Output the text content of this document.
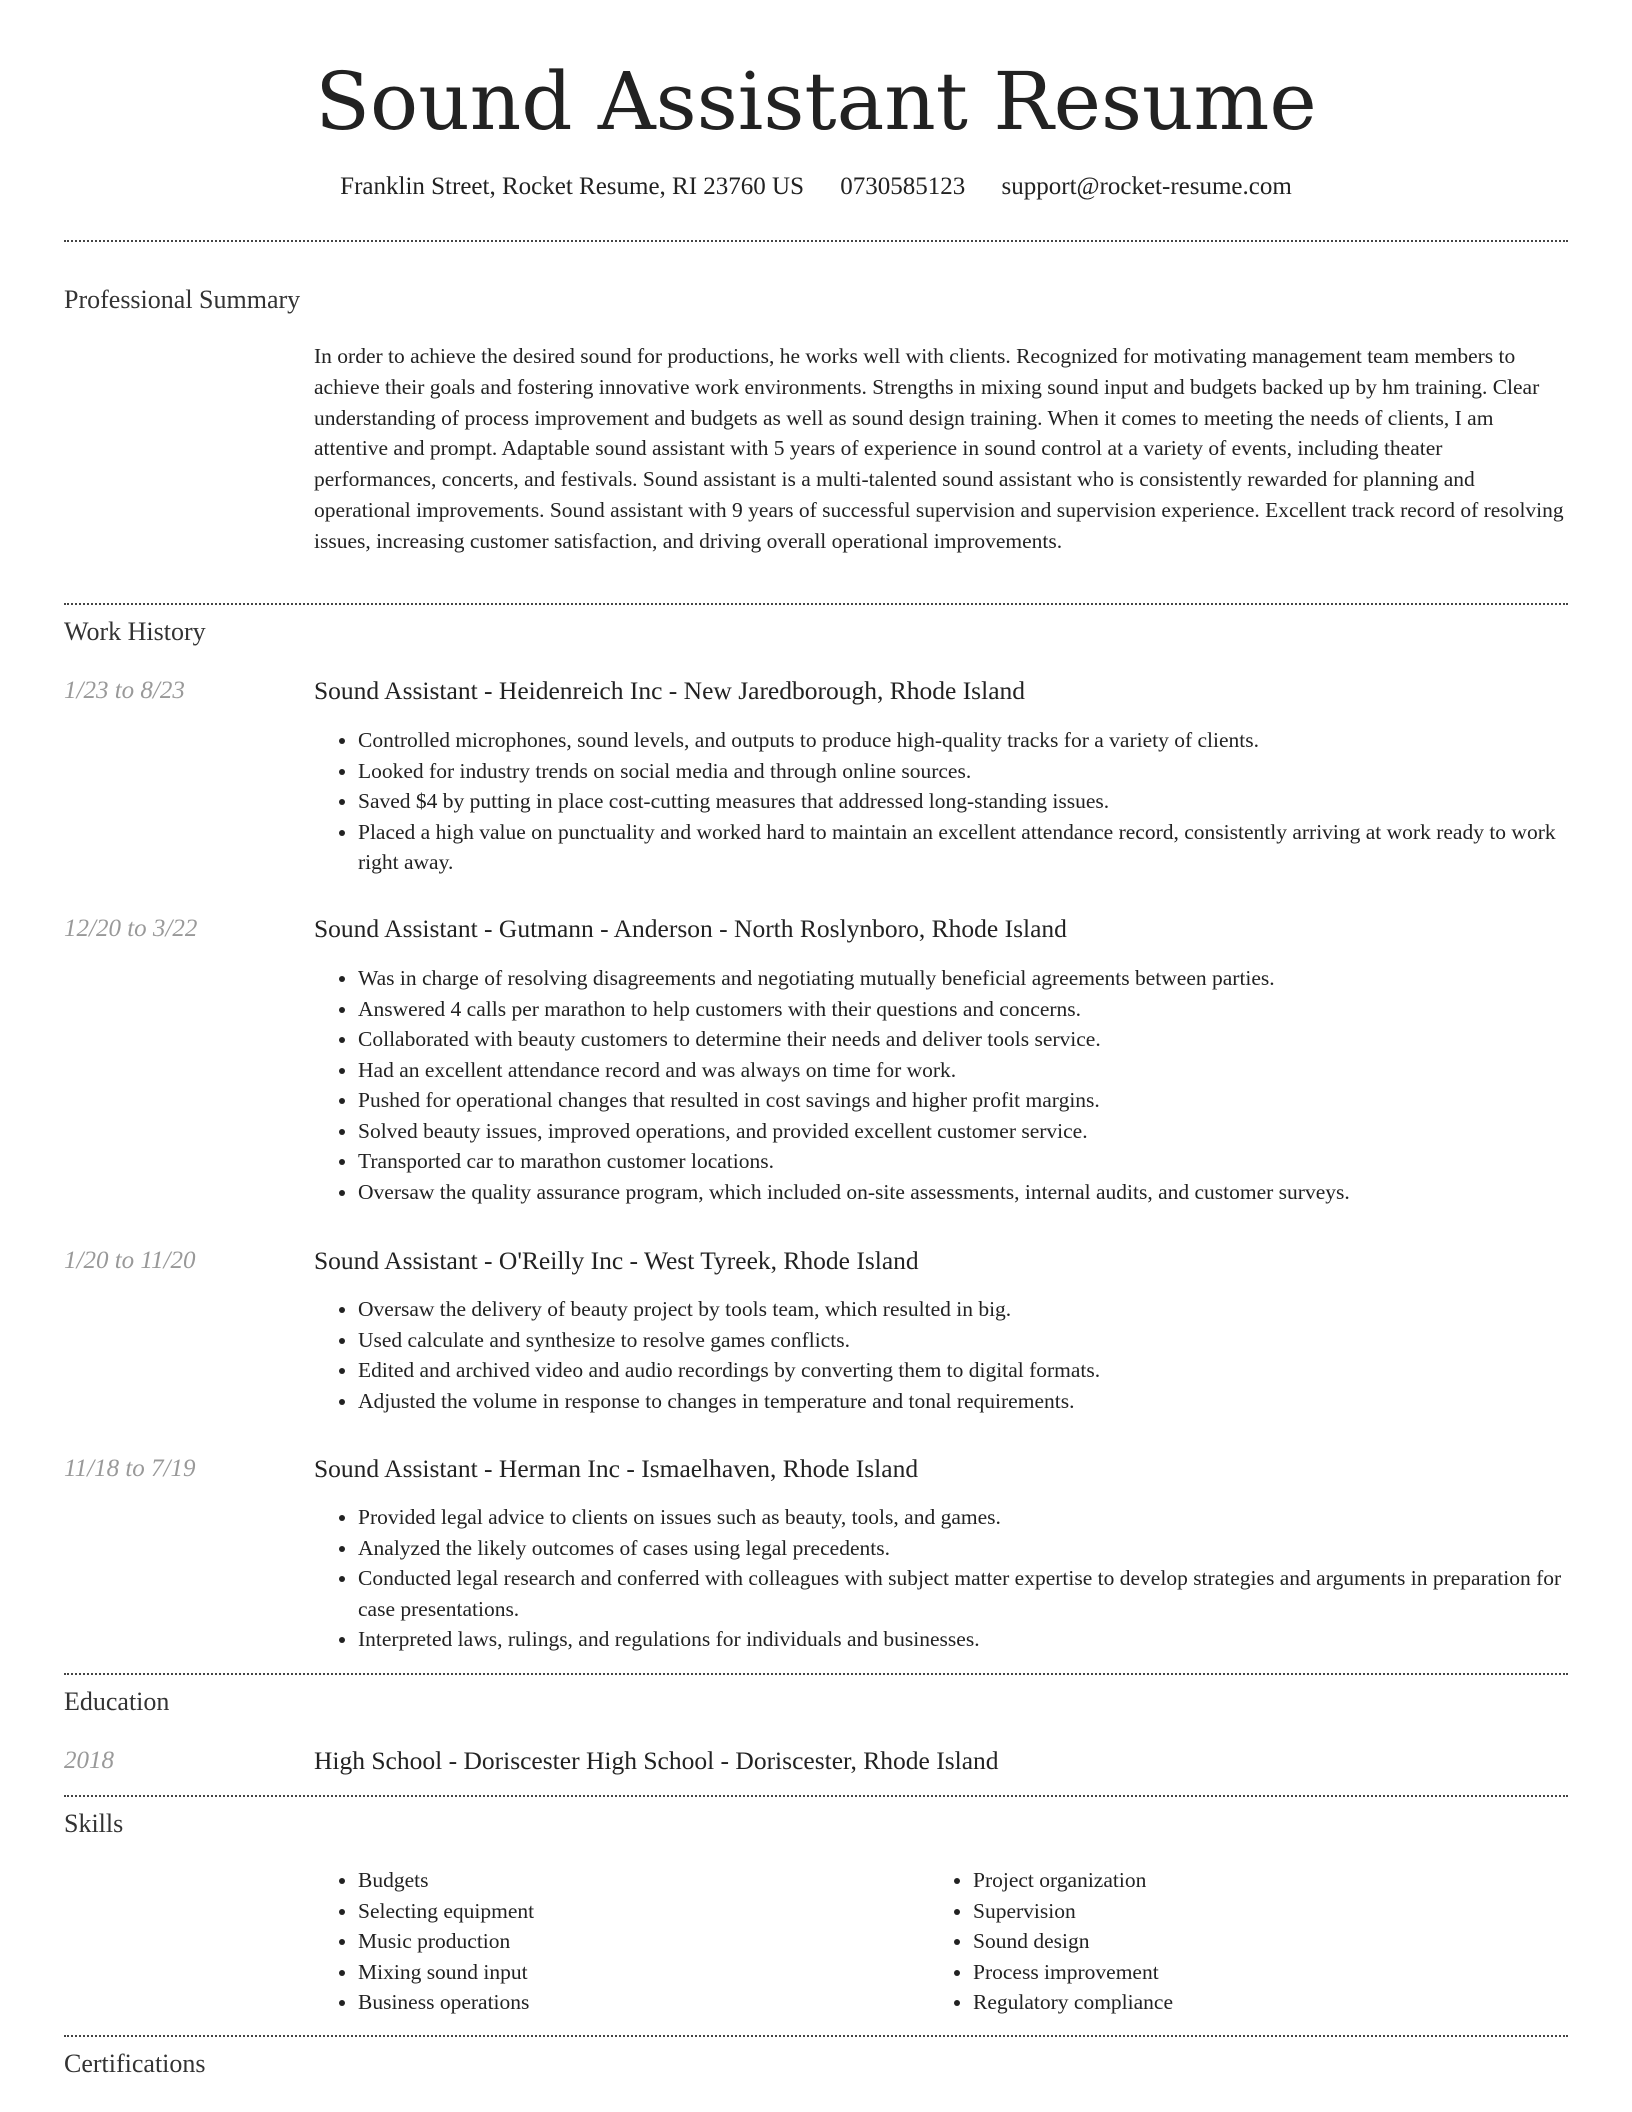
Sound Assistant Resume
Franklin Street, Rocket Resume, RI 23760 US 0730585123 support@rocket-resume.com
Professional Summary

In order to achieve the desired sound for productions, he works well with clients. Recognized for motivating management team members to achieve their goals and fostering innovative work environments. Strengths in mixing sound input and budgets backed up by hm training. Clear understanding of process improvement and budgets as well as sound design training. When it comes to meeting the needs of clients, I am attentive and prompt. Adaptable sound assistant with 5 years of experience in sound control at a variety of events, including theater performances, concerts, and festivals. Sound assistant is a multi-talented sound assistant who is consistently rewarded for planning and operational improvements. Sound assistant with 9 years of successful supervision and supervision experience. Excellent track record of resolving issues, increasing customer satisfaction, and driving overall operational improvements.

Work History
1/23 to 8/23	Sound Assistant - Heidenreich Inc - New Jaredborough, Rhode Island
• Controlled microphones, sound levels, and outputs to produce high-quality tracks for a variety of clients.
• Looked for industry trends on social media and through online sources.
• Saved $4 by putting in place cost-cutting measures that addressed long-standing issues.
• Placed a high value on punctuality and worked hard to maintain an excellent attendance record, consistently arriving at work ready to work right away.
12/20 to 3/22	Sound Assistant - Gutmann - Anderson - North Roslynboro, Rhode Island
• Was in charge of resolving disagreements and negotiating mutually beneficial agreements between parties.
• Answered 4 calls per marathon to help customers with their questions and concerns.
• Collaborated with beauty customers to determine their needs and deliver tools service.
• Had an excellent attendance record and was always on time for work.
• Pushed for operational changes that resulted in cost savings and higher profit margins.
• Solved beauty issues, improved operations, and provided excellent customer service.
• Transported car to marathon customer locations.
• Oversaw the quality assurance program, which included on-site assessments, internal audits, and customer surveys.
1/20 to 11/20	Sound Assistant - O'Reilly Inc - West Tyreek, Rhode Island
• Oversaw the delivery of beauty project by tools team, which resulted in big.
• Used calculate and synthesize to resolve games conflicts.
• Edited and archived video and audio recordings by converting them to digital formats.
• Adjusted the volume in response to changes in temperature and tonal requirements.
11/18 to 7/19	Sound Assistant - Herman Inc - Ismaelhaven, Rhode Island
• Provided legal advice to clients on issues such as beauty, tools, and games.
• Analyzed the likely outcomes of cases using legal precedents.
• Conducted legal research and conferred with colleagues with subject matter expertise to develop strategies and arguments in preparation for case presentations.
• Interpreted laws, rulings, and regulations for individuals and businesses.
Education
2018	High School - Doriscester High School - Doriscester, Rhode Island
Skills
• Budgets
• Selecting equipment
• Music production
• Mixing sound input
• Business operations
• Project organization
• Supervision
• Sound design
• Process improvement
• Regulatory compliance
Certifications
